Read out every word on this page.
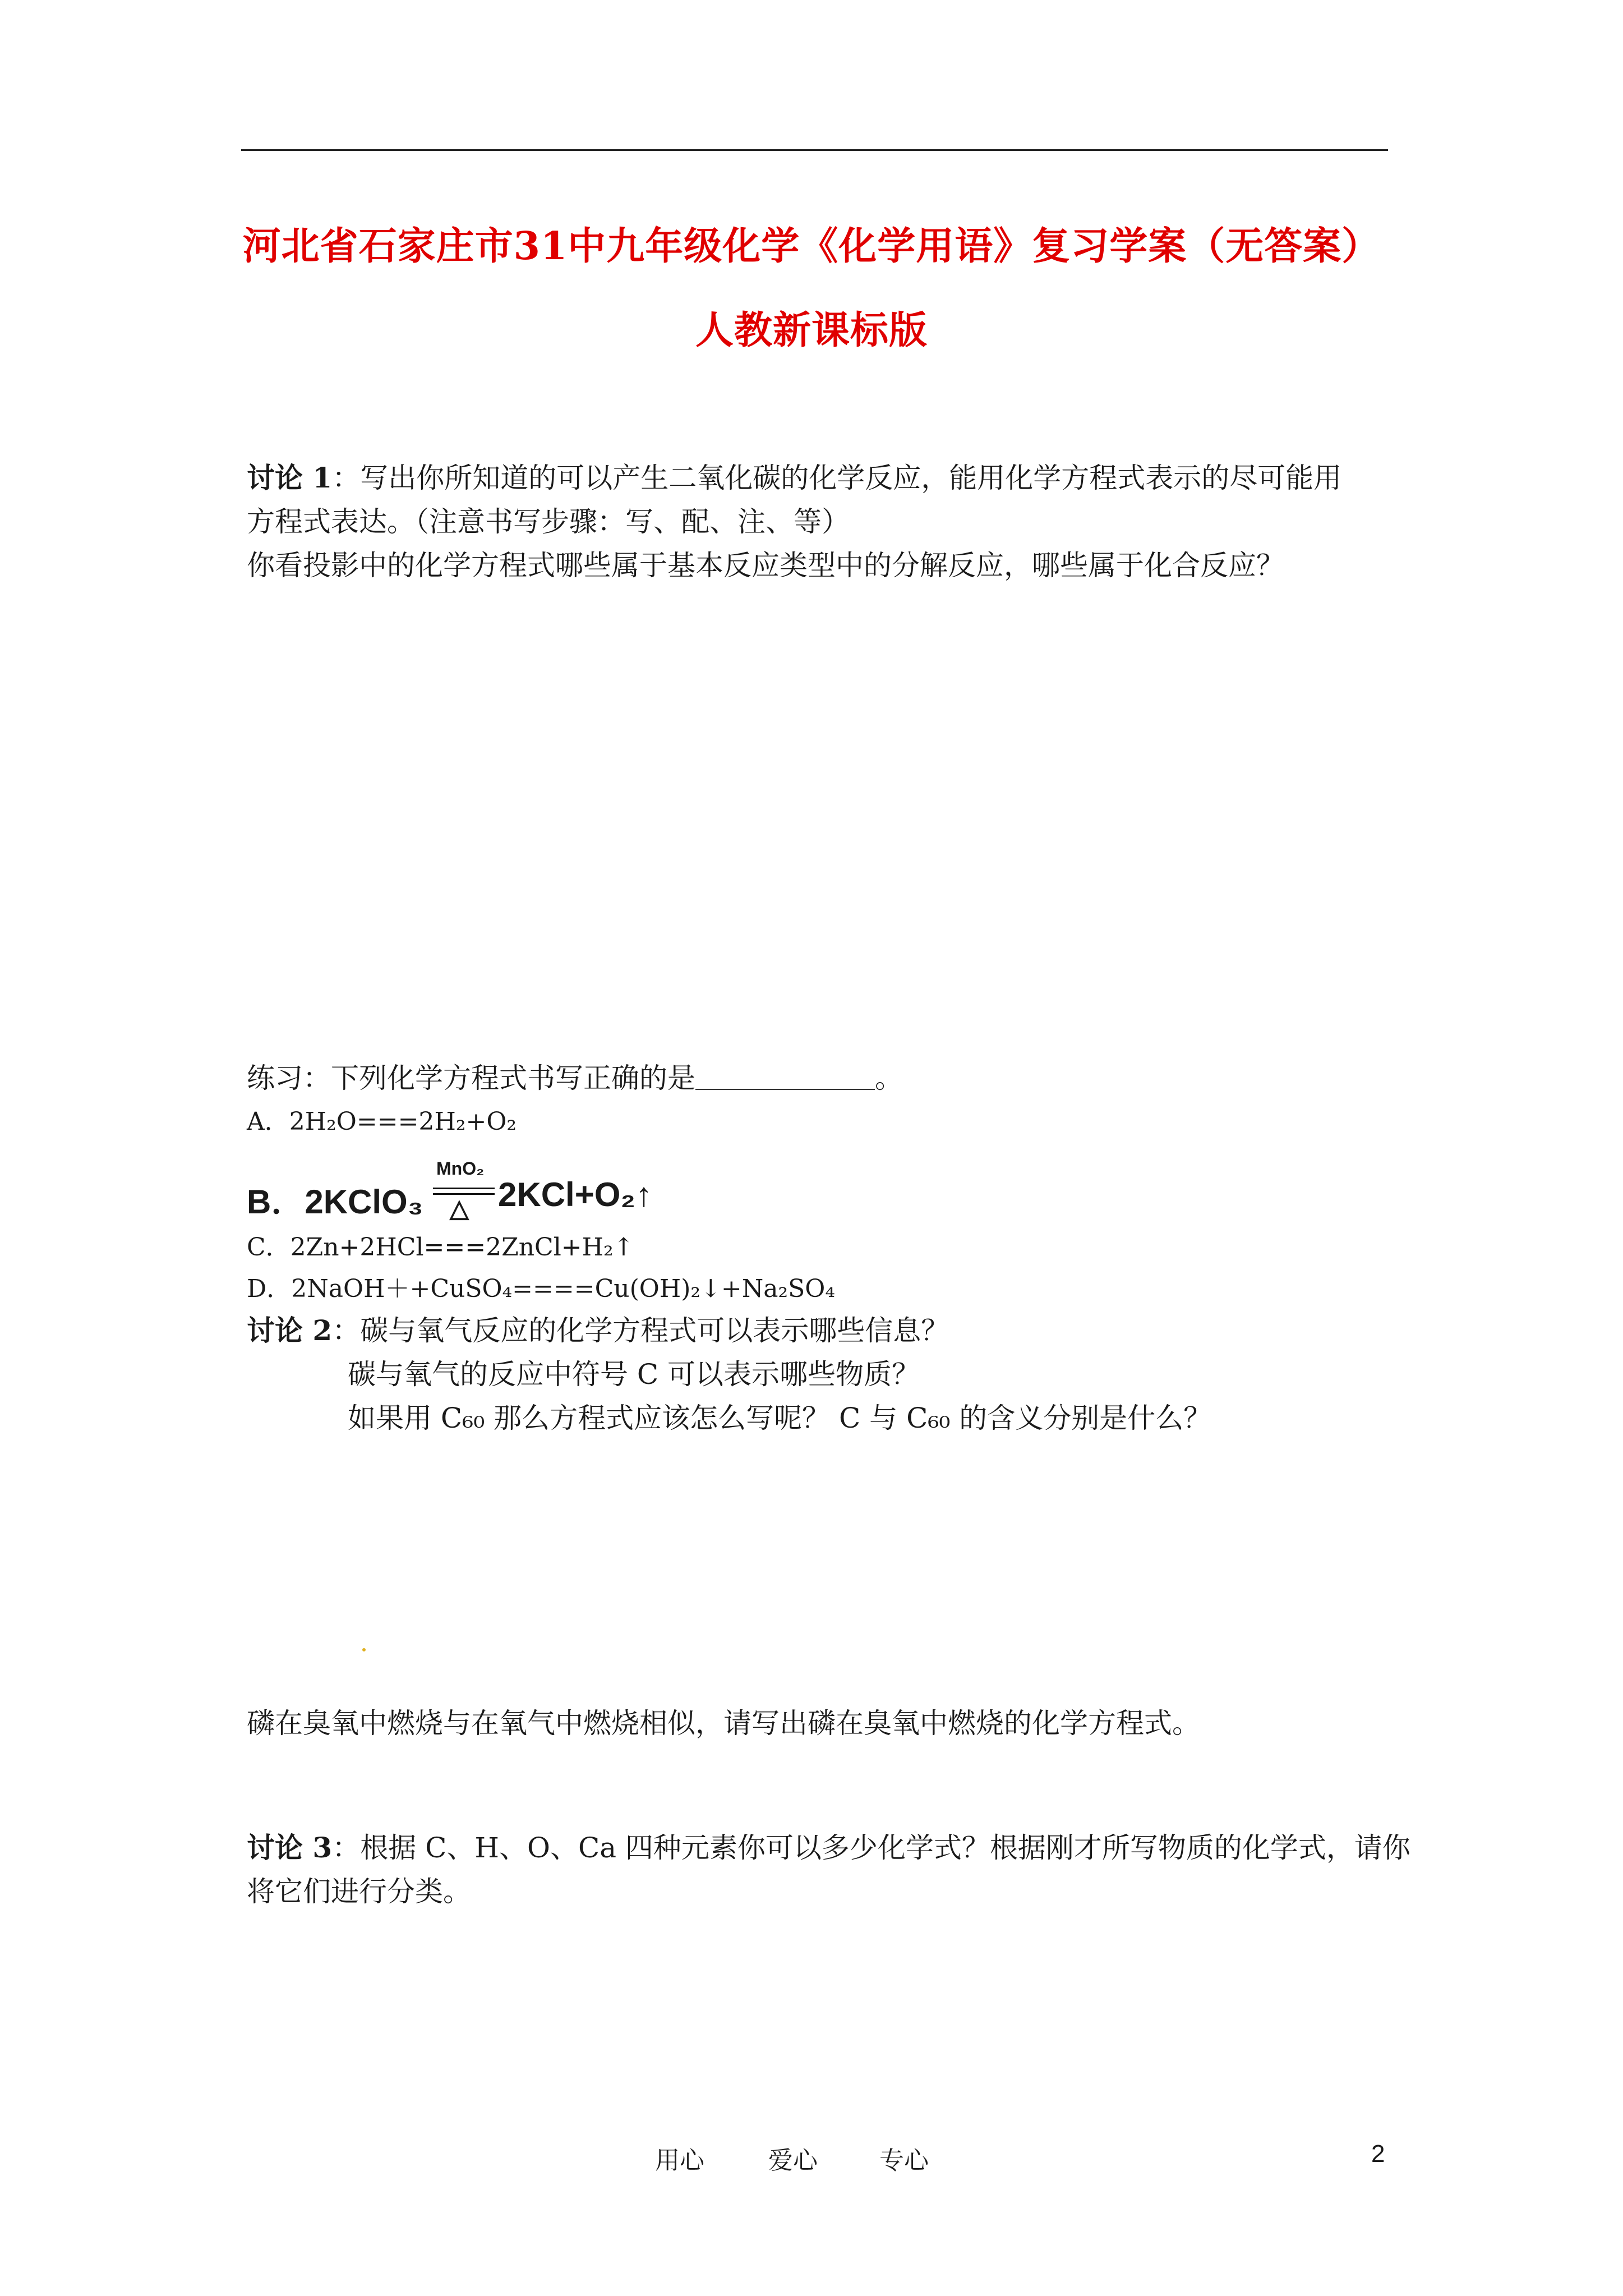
河北省石家庄市31中九年级化学《化学用语》复习学案（无答案）
人教新课标版
讨论 1：写出你所知道的可以产生二氧化碳的化学反应，能用化学方程式表示的尽可能用
方程式表达。（注意书写步骤：写、配、注、等）
你看投影中的化学方程式哪些属于基本反应类型中的分解反应，哪些属于化合反应？
练习：下列化学方程式书写正确的是	。
A．2H₂O===2H₂+O₂
B．2KClO₃
MnO₂
△ 2KCl+O₂↑
C．2Zn+2HCl===2ZnCl+H₂↑
D．2NaOH＋+CuSO₄====Cu(OH)₂↓+Na₂SO₄
讨论 2：碳与氧气反应的化学方程式可以表示哪些信息？
碳与氧气的反应中符号 C 可以表示哪些物质？
如果用 C₆₀ 那么方程式应该怎么写呢？ C 与 C₆₀ 的含义分别是什么？
磷在臭氧中燃烧与在氧气中燃烧相似，请写出磷在臭氧中燃烧的化学方程式。
讨论 3：根据 C、H、O、Ca 四种元素你可以多少化学式？根据刚才所写物质的化学式，请你
将它们进行分类。
用心	爱心	专心	2
